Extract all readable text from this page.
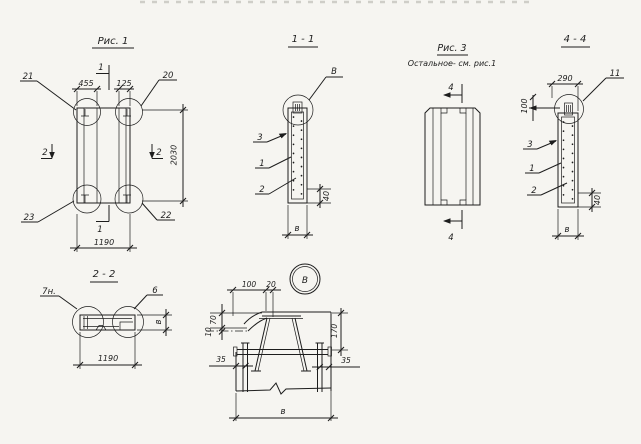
Рис. 1
455	125
2030
1190
1
1
2	2
21	20
23	22
1 - 1
В
3
1
2
40
в
Рис. 3
Остальное- см. рис.1
4
4
4 - 4
290	11
100
3
1
2
40
в
2 - 2
7н.	6
в
1190
В
100 20
70
10	170
35	35
в
